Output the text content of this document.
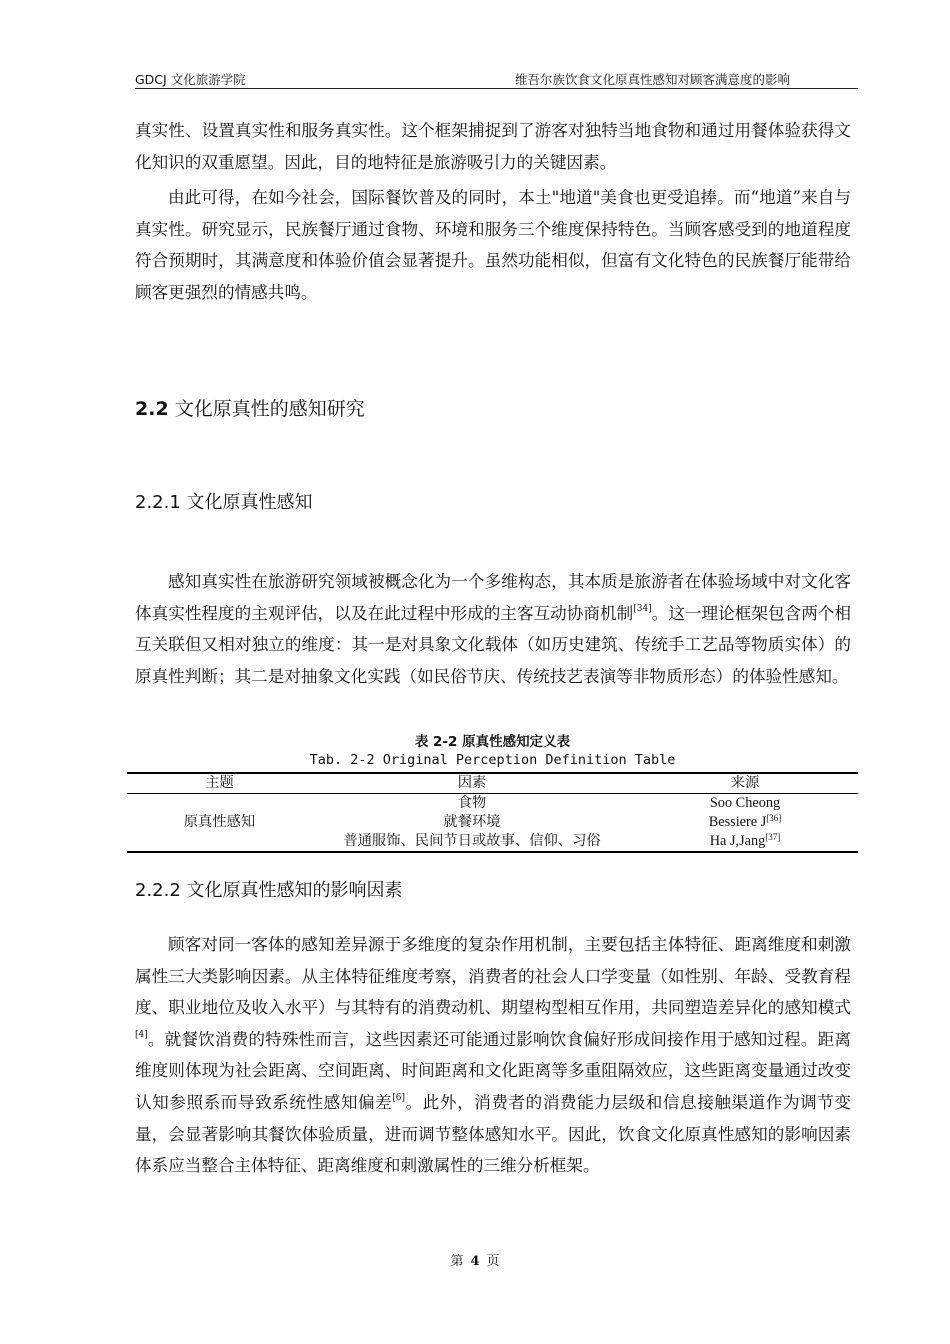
GDCJ 文化旅游学院	维吾尔族饮食文化原真性感知对顾客满意度的影响

真实性、设置真实性和服务真实性。这个框架捕捉到了游客对独特当地食物和通过用餐体验获得文化知识的双重愿望。因此，目的地特征是旅游吸引力的关键因素。

由此可得，在如今社会，国际餐饮普及的同时，本土"地道"美食也更受追捧。而“地道”来自与真实性。研究显示，民族餐厅通过食物、环境和服务三个维度保持特色。当顾客感受到的地道程度符合预期时，其满意度和体验价值会显著提升。虽然功能相似，但富有文化特色的民族餐厅能带给顾客更强烈的情感共鸣。

2.2 文化原真性的感知研究
2.2.1 文化原真性感知

感知真实性在旅游研究领域被概念化为一个多维构态，其本质是旅游者在体验场域中对文化客体真实性程度的主观评估，以及在此过程中形成的主客互动协商机制[34]。这一理论框架包含两个相互关联但又相对独立的维度：其一是对具象文化载体（如历史建筑、传统手工艺品等物质实体）的原真性判断；其二是对抽象文化实践（如民俗节庆、传统技艺表演等非物质形态）的体验性感知。

表 2-2 原真性感知定义表
Tab. 2-2 Original Perception Definition Table
主题	因素	来源
原真性感知	食物	Soo Cheong
	就餐环境	Bessiere J[36]
	普通服饰、民间节日或故事、信仰、习俗	Ha J,Jang[37]
2.2.2 文化原真性感知的影响因素

顾客对同一客体的感知差异源于多维度的复杂作用机制，主要包括主体特征、距离维度和刺激属性三大类影响因素。从主体特征维度考察，消费者的社会人口学变量（如性别、年龄、受教育程度、职业地位及收入水平）与其特有的消费动机、期望构型相互作用，共同塑造差异化的感知模式[4]。就餐饮消费的特殊性而言，这些因素还可能通过影响饮食偏好形成间接作用于感知过程。距离维度则体现为社会距离、空间距离、时间距离和文化距离等多重阻隔效应，这些距离变量通过改变认知参照系而导致系统性感知偏差[6]。此外，消费者的消费能力层级和信息接触渠道作为调节变量，会显著影响其餐饮体验质量，进而调节整体感知水平。因此，饮食文化原真性感知的影响因素体系应当整合主体特征、距离维度和刺激属性的三维分析框架。

第 4 页
